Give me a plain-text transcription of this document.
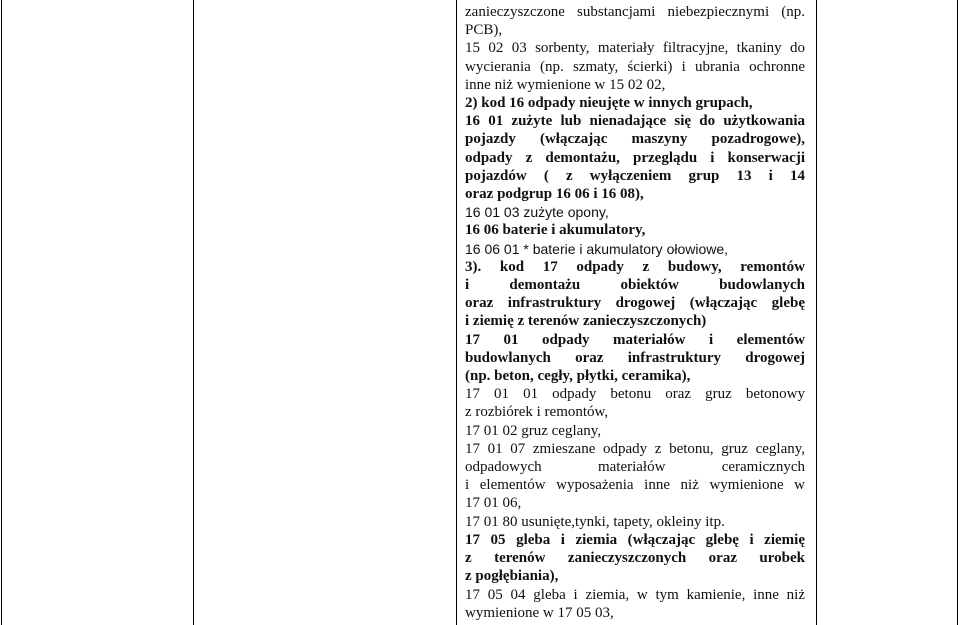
zanieczyszczone substancjami niebezpiecznymi (np.
PCB),
15 02 03 sorbenty, materiały filtracyjne, tkaniny do
wycierania (np. szmaty, ścierki) i ubrania ochronne
inne niż wymienione w 15 02 02,
2) kod 16 odpady nieujęte w innych grupach,
16 01 zużyte lub nienadające się do użytkowania
pojazdy (włączając maszyny pozadrogowe),
odpady z demontażu, przeglądu i konserwacji
pojazdów ( z wyłączeniem grup 13 i 14
oraz podgrup 16 06 i 16 08),
16 01 03 zużyte opony,
16 06 baterie i akumulatory,
16 06 01 * baterie i akumulatory ołowiowe,
3). kod 17 odpady z budowy, remontów
i demontażu obiektów budowlanych
oraz infrastruktury drogowej (włączając glebę
i ziemię z terenów zanieczyszczonych)
17 01 odpady materiałów i elementów
budowlanych oraz infrastruktury drogowej
(np. beton, cegły, płytki, ceramika),
17 01 01 odpady betonu oraz gruz betonowy
z rozbiórek i remontów,
17 01 02 gruz ceglany,
17 01 07 zmieszane odpady z betonu, gruz ceglany,
odpadowych materiałów ceramicznych
i elementów wyposażenia inne niż wymienione w
17 01 06,
17 01 80 usunięte,tynki, tapety, okleiny itp.
17 05 gleba i ziemia (włączając glebę i ziemię
z terenów zanieczyszczonych oraz urobek
z pogłębiania),
17 05 04 gleba i ziemia, w tym kamienie, inne niż
wymienione w 17 05 03,
